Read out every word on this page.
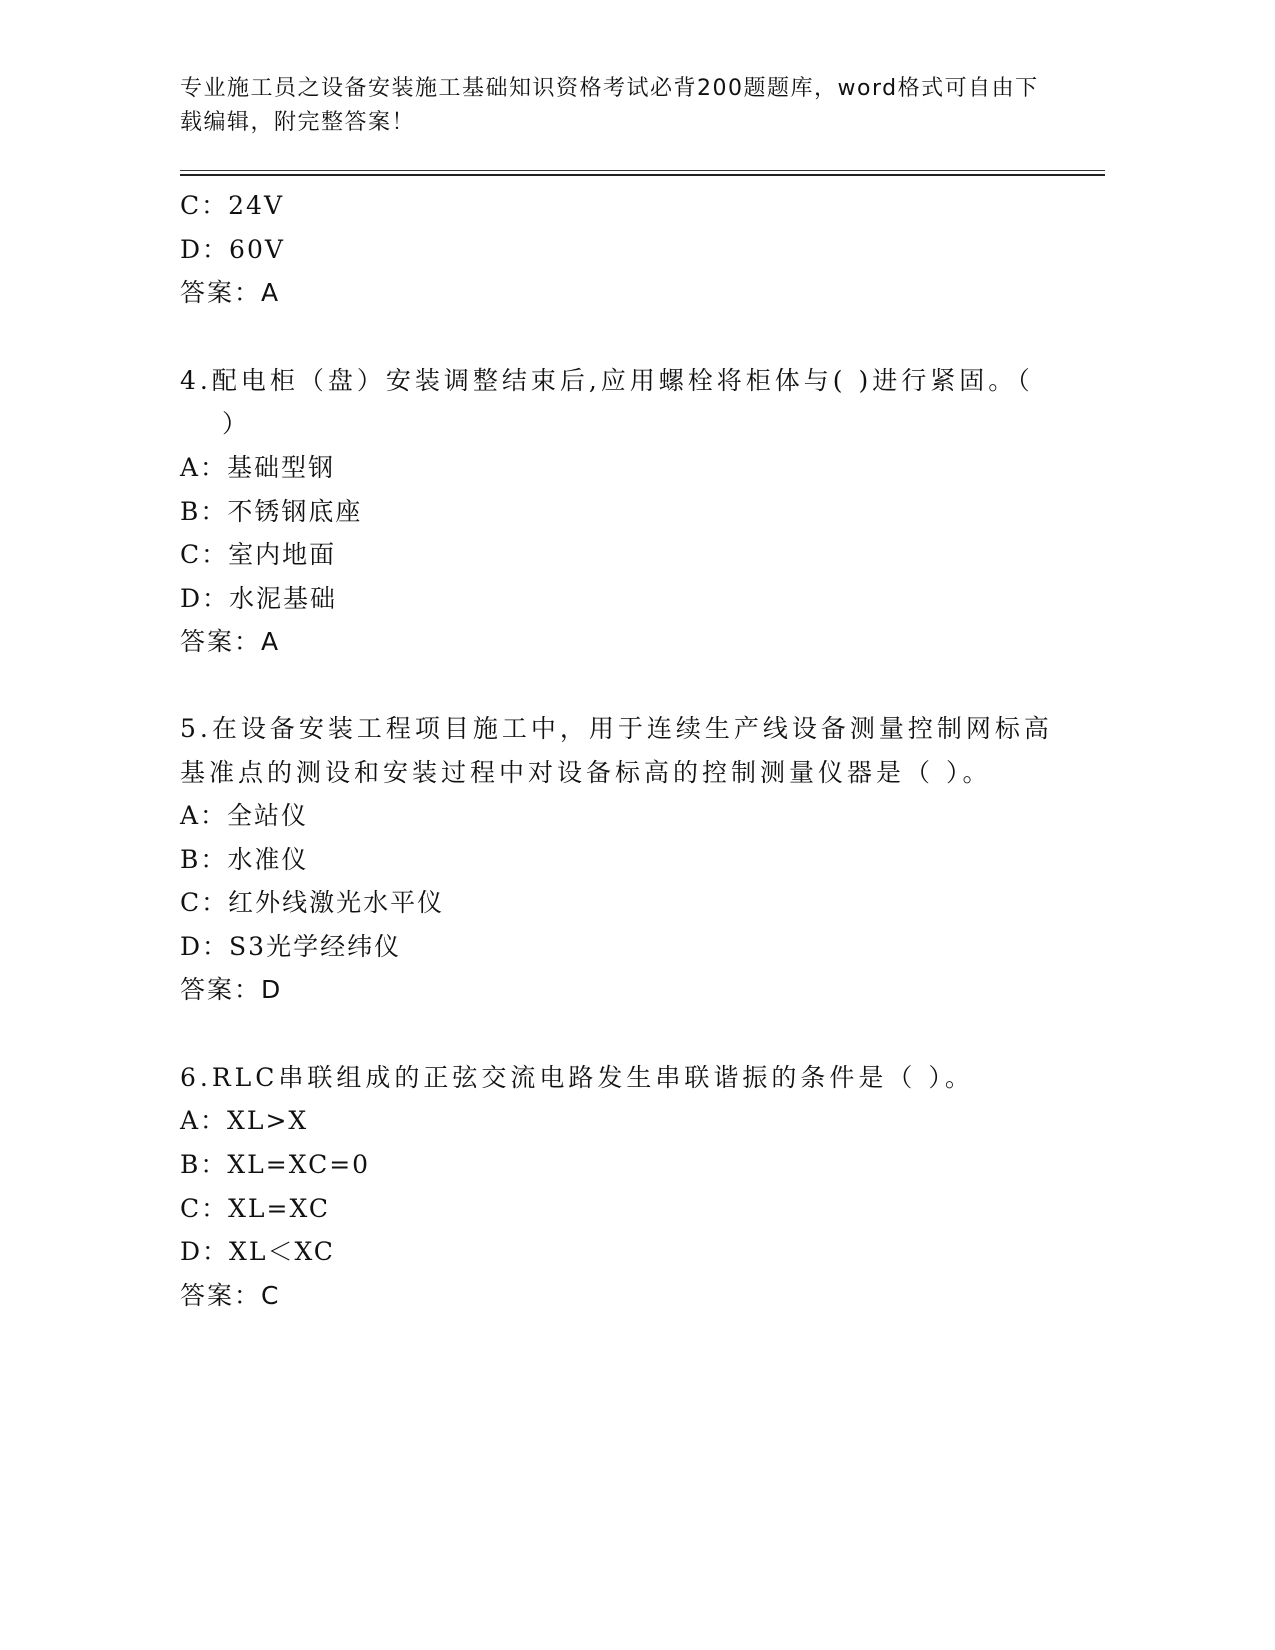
专业施工员之设备安装施工基础知识资格考试必背200题题库，word格式可自由下载编辑，附完整答案！
C：24V
D：60V
答案：A
4.配电柜（盘）安装调整结束后,应用螺栓将柜体与( )进行紧固。（
）
A：基础型钢
B：不锈钢底座
C：室内地面
D：水泥基础
答案：A
5.在设备安装工程项目施工中，用于连续生产线设备测量控制网标高
基准点的测设和安装过程中对设备标高的控制测量仪器是（ ）。
A：全站仪
B：水准仪
C：红外线激光水平仪
D：S3光学经纬仪
答案：D
6.RLC串联组成的正弦交流电路发生串联谐振的条件是（ ）。
A：XL>X
B：XL=XC=0
C：XL=XC
D：XL＜XC
答案：C
